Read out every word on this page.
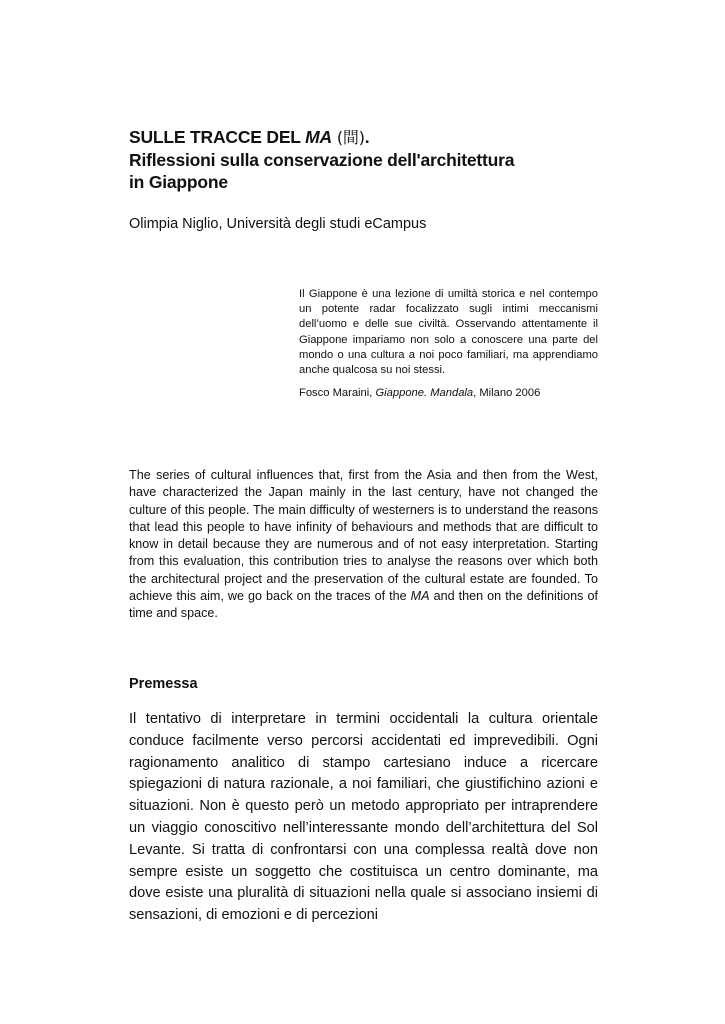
SULLE TRACCE DEL MA (間).
Riflessioni sulla conservazione dell'architettura
in Giappone
Olimpia Niglio, Università degli studi eCampus

Il Giappone è una lezione di umiltà storica e nel contempo un potente radar focalizzato sugli intimi meccanismi dell’uomo e delle sue civiltà. Osservando attentamente il Giappone impariamo non solo a conoscere una parte del mondo o una cultura a noi poco familiari, ma apprendiamo anche qualcosa su noi stessi.

Fosco Maraini, Giappone. Mandala, Milano 2006

The series of cultural influences that, first from the Asia and then from the West, have characterized the Japan mainly in the last century, have not changed the culture of this people. The main difficulty of westerners is to understand the reasons that lead this people to have infinity of behaviours and methods that are difficult to know in detail because they are numerous and of not easy interpretation. Starting from this evaluation, this contribution tries to analyse the reasons over which both the architectural project and the preservation of the cultural estate are founded. To achieve this aim, we go back on the traces of the MA and then on the definitions of time and space.

Premessa

Il tentativo di interpretare in termini occidentali la cultura orientale conduce facilmente verso percorsi accidentati ed imprevedibili. Ogni ragionamento analitico di stampo cartesiano induce a ricercare spiegazioni di natura razionale, a noi familiari, che giustifichino azioni e situazioni. Non è questo però un metodo appropriato per intraprendere un viaggio conoscitivo nell’interessante mondo dell’architettura del Sol Levante. Si tratta di confrontarsi con una complessa realtà dove non sempre esiste un soggetto che costituisca un centro dominante, ma dove esiste una pluralità di situazioni nella quale si associano insiemi di sensazioni, di emozioni e di percezioni
